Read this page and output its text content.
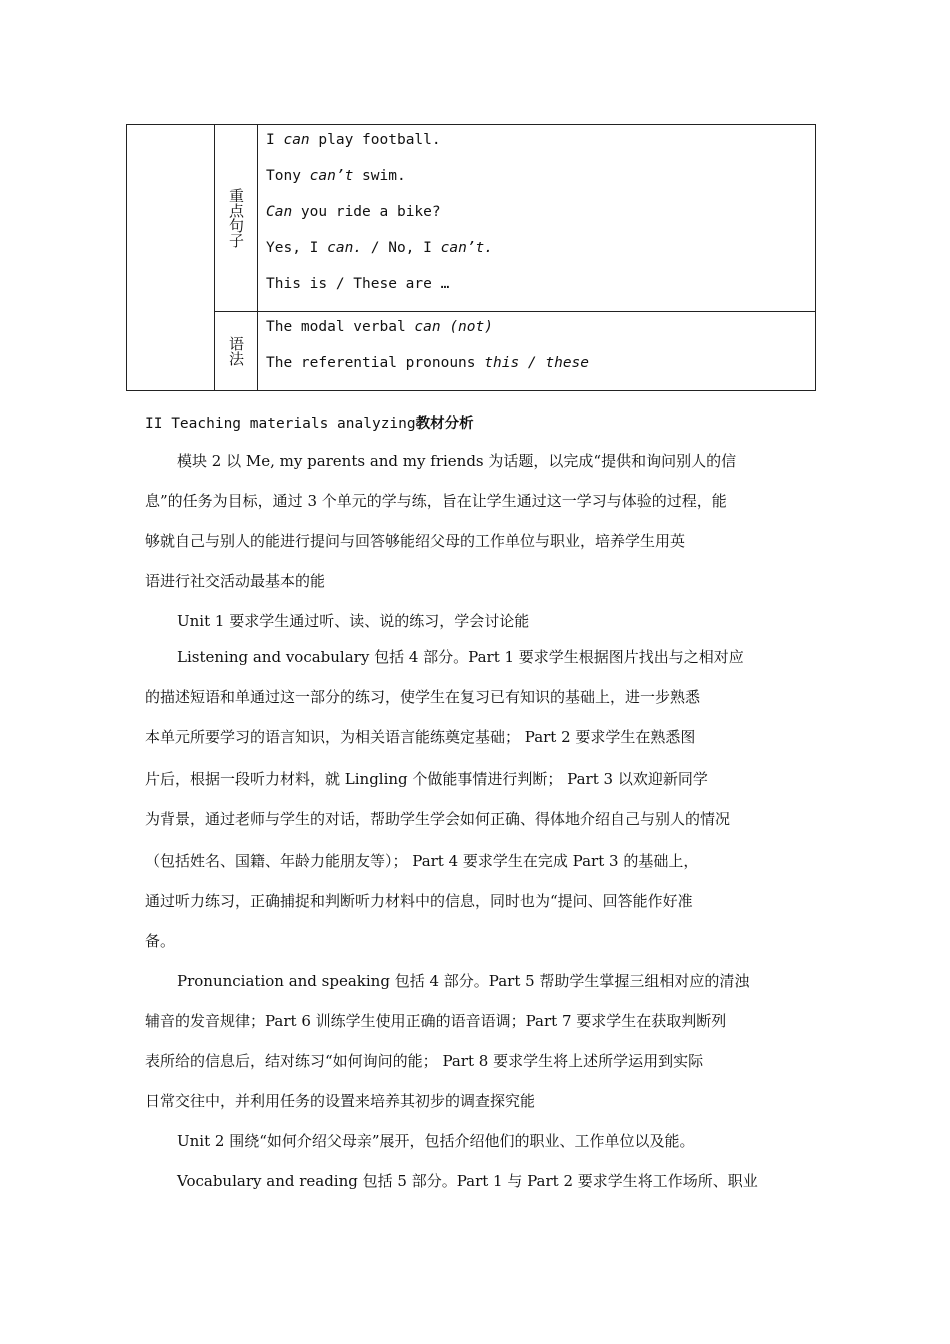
	重点句子	I can play football.
Tony can’t swim.
Can you ride a bike?
Yes, I can. / No, I can’t.
This is / These are …

	语法	The modal verbal can (not)
The referential pronouns this / these
II Teaching materials analyzing教材分析
模块 2 以 Me, my parents and my friends 为话题，以完成“提供和询问别人的信
息”的任务为目标，通过 3 个单元的学与练，旨在让学生通过这一学习与体验的过程，能
够就自己与别人的能进行提问与回答够能绍父母的工作单位与职业，培养学生用英
语进行社交活动最基本的能
Unit 1 要求学生通过听、读、说的练习，学会讨论能
Listening and vocabulary 包括 4 部分。Part 1 要求学生根据图片找出与之相对应
的描述短语和单通过这一部分的练习，使学生在复习已有知识的基础上，进一步熟悉
本单元所要学习的语言知识，为相关语言能练奠定基础； Part 2 要求学生在熟悉图
片后，根据一段听力材料，就 Lingling 个做能事情进行判断； Part 3 以欢迎新同学
为背景，通过老师与学生的对话，帮助学生学会如何正确、得体地介绍自己与别人的情况
（包括姓名、国籍、年龄力能朋友等）； Part 4 要求学生在完成 Part 3 的基础上，
通过听力练习，正确捕捉和判断听力材料中的信息，同时也为“提问、回答能作好准
备。
Pronunciation and speaking 包括 4 部分。Part 5 帮助学生掌握三组相对应的清浊
辅音的发音规律；Part 6 训练学生使用正确的语音语调；Part 7 要求学生在获取判断列
表所给的信息后，结对练习“如何询问的能； Part 8 要求学生将上述所学运用到实际
日常交往中，并利用任务的设置来培养其初步的调查探究能
Unit 2 围绕“如何介绍父母亲”展开，包括介绍他们的职业、工作单位以及能。
Vocabulary and reading 包括 5 部分。Part 1 与 Part 2 要求学生将工作场所、职业
